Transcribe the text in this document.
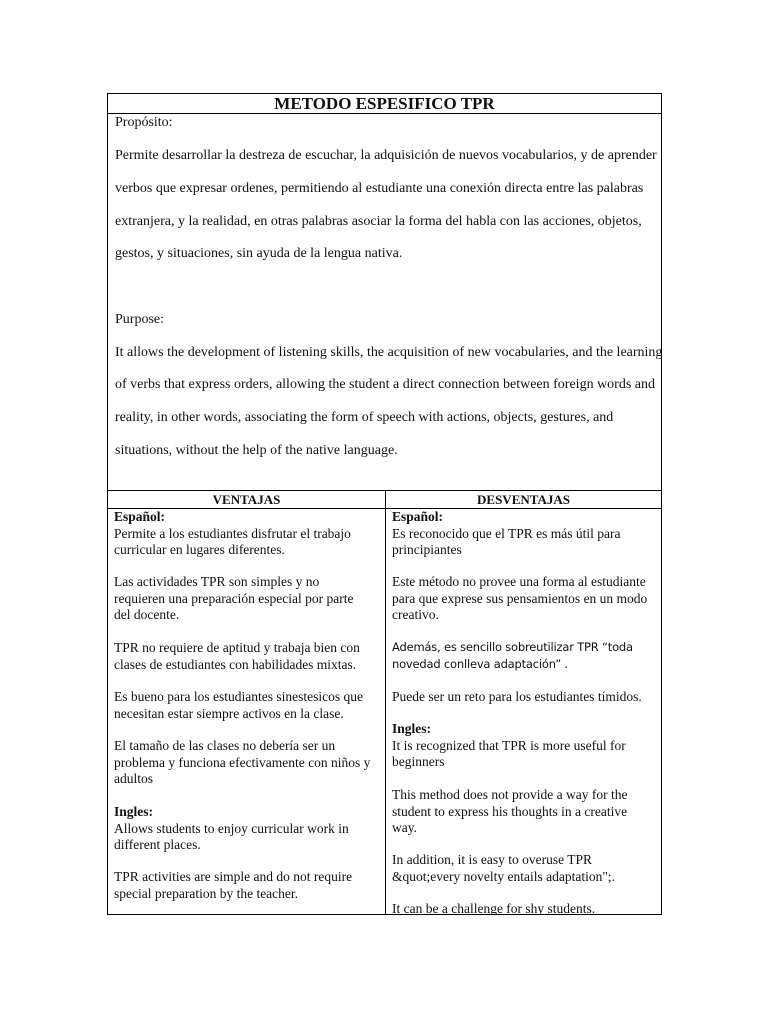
METODO ESPESIFICO TPR
Propósito:
Permite desarrollar la destreza de escuchar, la adquisición de nuevos vocabularios, y de aprender
verbos que expresar ordenes, permitiendo al estudiante una conexión directa entre las palabras
extranjera, y la realidad, en otras palabras asociar la forma del habla con las acciones, objetos,
gestos, y situaciones, sin ayuda de la lengua nativa.
Purpose:
It allows the development of listening skills, the acquisition of new vocabularies, and the learning
of verbs that express orders, allowing the student a direct connection between foreign words and
reality, in other words, associating the form of speech with actions, objects, gestures, and
situations, without the help of the native language.
VENTAJAS	DESVENTAJAS
Español:
Permite a los estudiantes disfrutar el trabajo curricular en lugares diferentes.
Las actividades TPR son simples y no requieren una preparación especial por parte del docente.
TPR no requiere de aptitud y trabaja bien con clases de estudiantes con habilidades mixtas.
Es bueno para los estudiantes sinestesicos que necesitan estar siempre activos en la clase.
El tamaño de las clases no debería ser un problema y funciona efectivamente con niños y adultos
Ingles:
Allows students to enjoy curricular work in different places.
TPR activities are simple and do not require special preparation by the teacher.
Español:
Es reconocido que el TPR es más útil para principiantes
Este método no provee una forma al estudiante para que exprese sus pensamientos en un modo creativo.
Además, es sencillo sobreutilizar TPR “toda novedad conlleva adaptación” .
Puede ser un reto para los estudiantes tímidos.
Ingles:
It is recognized that TPR is more useful for beginners
This method does not provide a way for the student to express his thoughts in a creative way.
In addition, it is easy to overuse TPR &quot;every novelty entails adaptation";.
It can be a challenge for shy students.
